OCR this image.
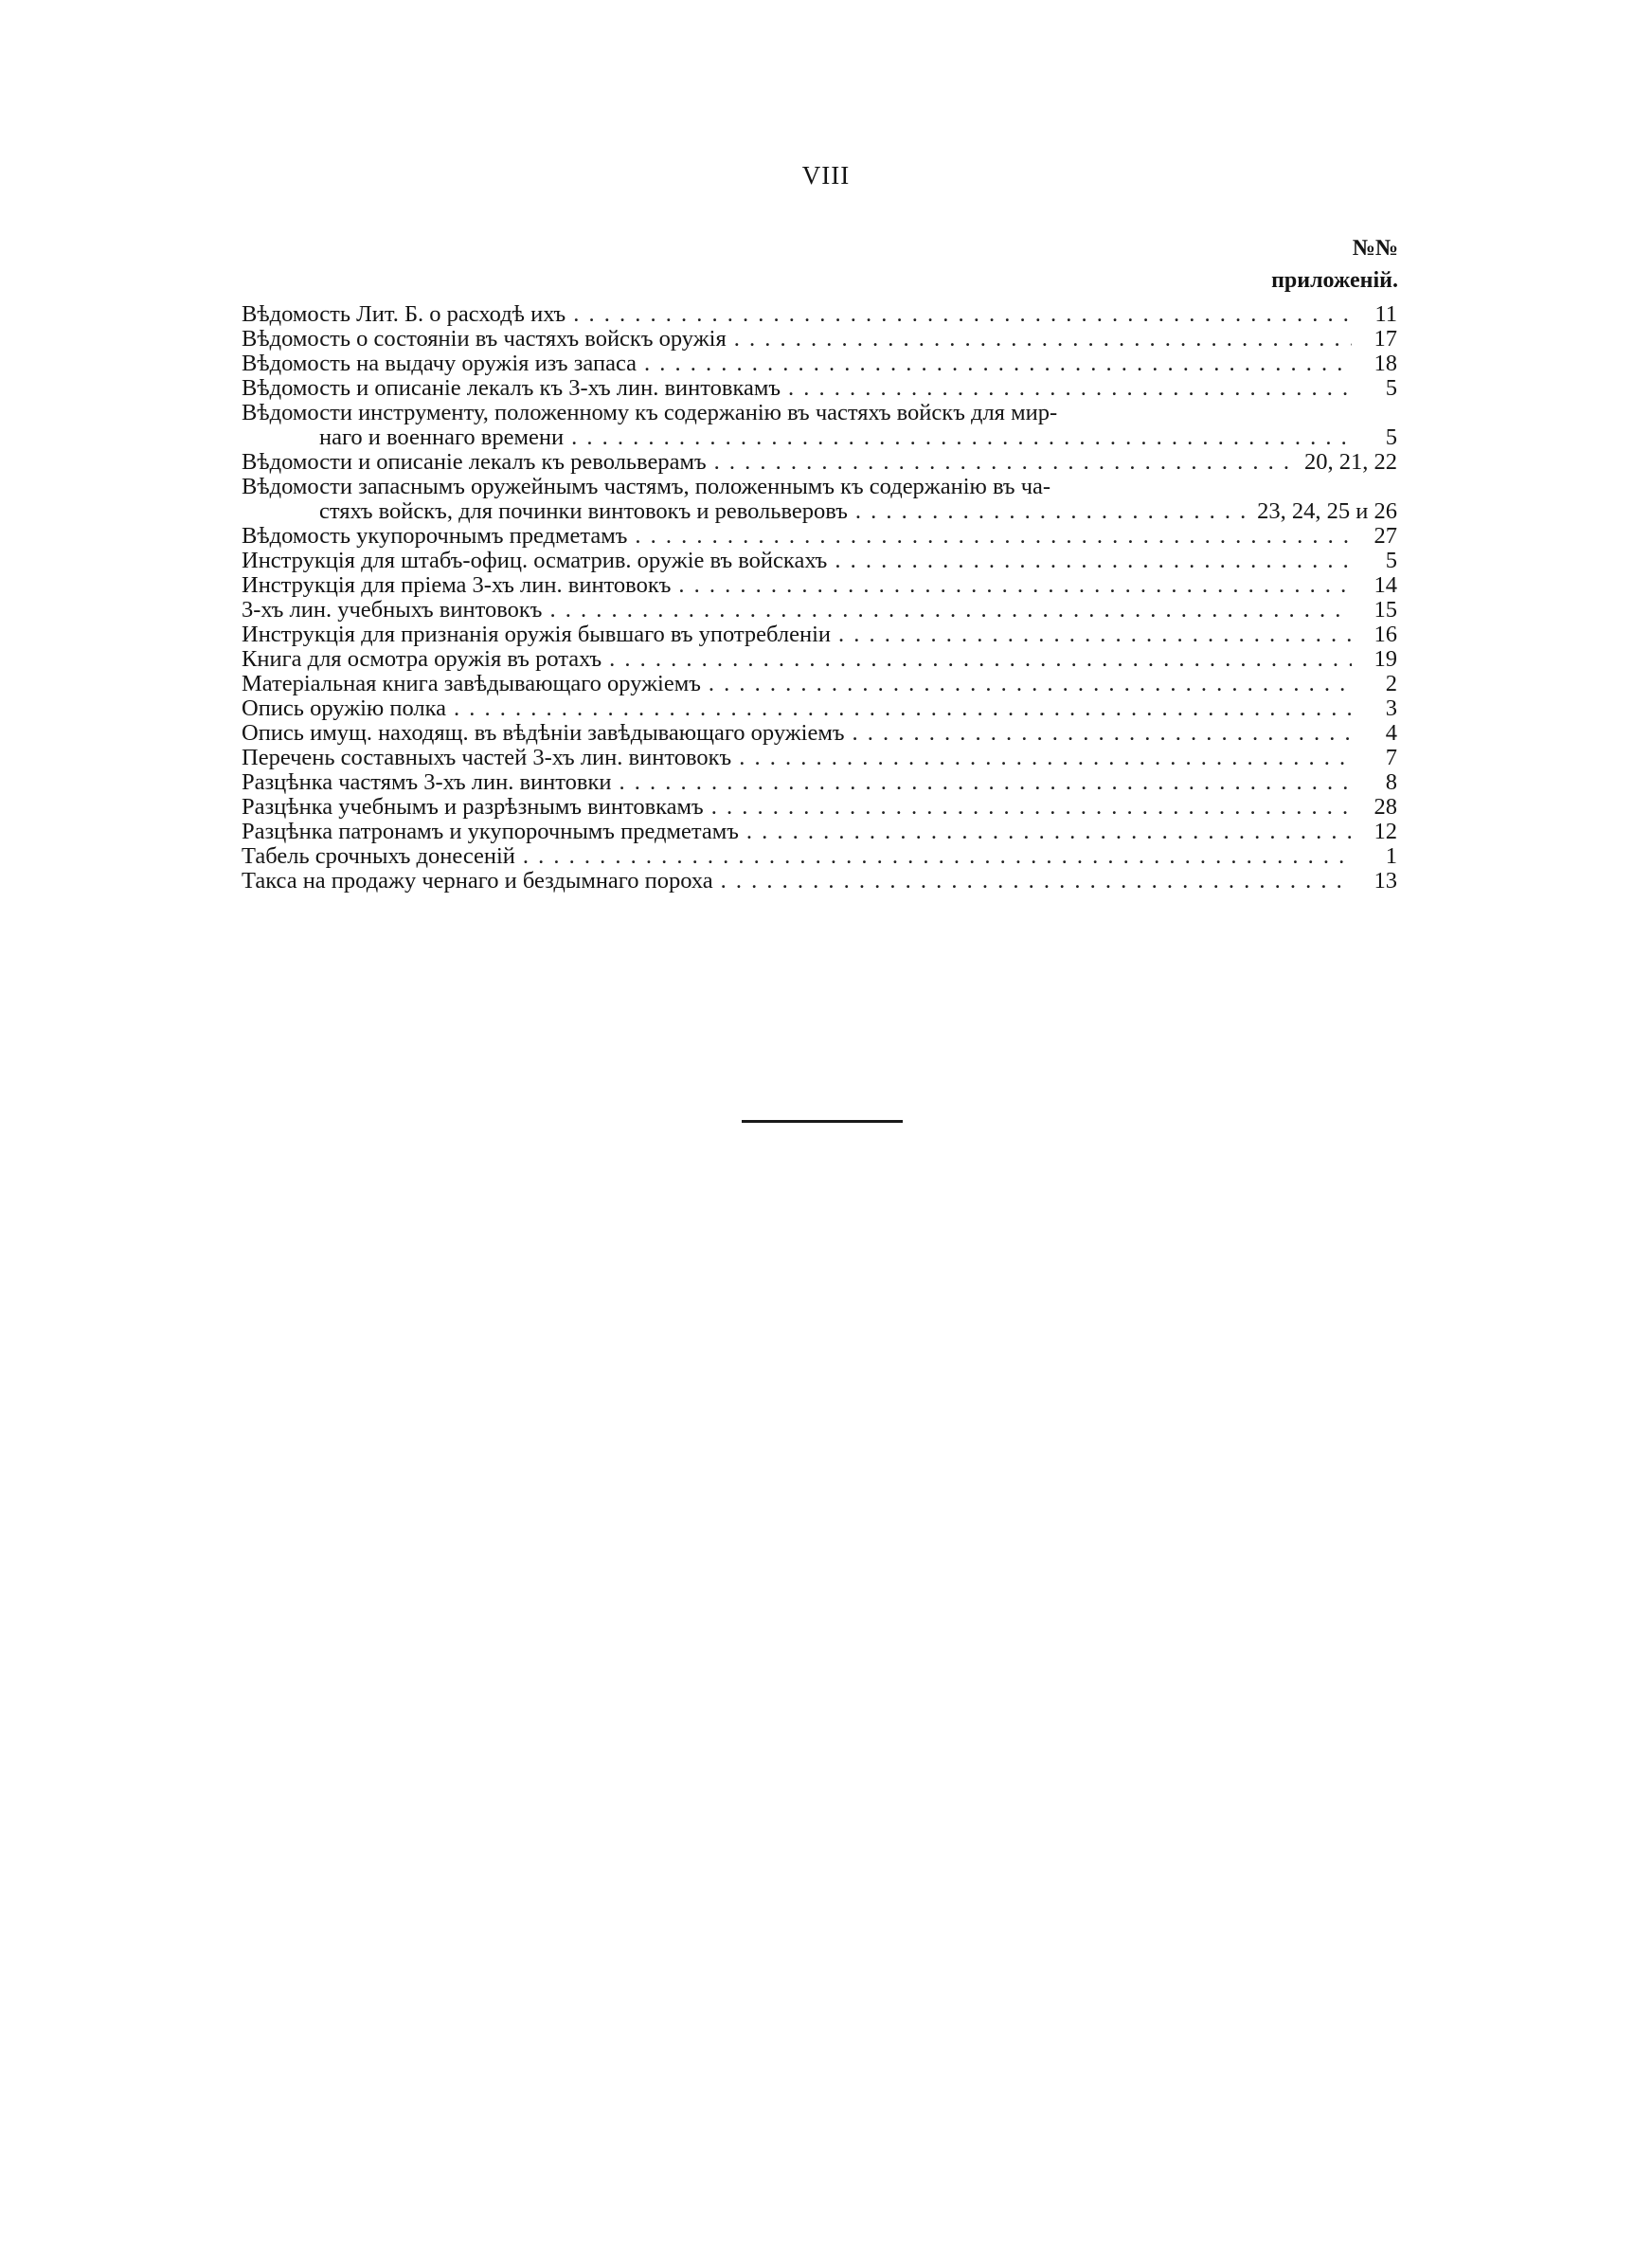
VIII
№№
приложеній.
Вѣдомость Лит. Б. о расходѣ ихъ . . .	11
Вѣдомость о состояніи въ частяхъ войскъ оружія . . .	17
Вѣдомость на выдачу оружія изъ запаса . . .	18
Вѣдомость и описаніе лекалъ къ 3-хъ лин. винтовкамъ . . .	5
Вѣдомости инструменту, положенному къ содержанію въ частяхъ войскъ для мир-
наго и военнаго времени . . .	5
Вѣдомости и описаніе лекалъ къ револьверамъ . . .	20, 21, 22
Вѣдомости запаснымъ оружейнымъ частямъ, положеннымъ къ содержанію въ ча-
стяхъ войскъ, для починки винтовокъ и револьверовъ . . .	23, 24, 25 и 26
Вѣдомость укупорочнымъ предметамъ . . .	27
Инструкція для штабъ-офиц. осматрив. оружіе въ войскахъ . . .	5
Инструкція для пріема 3-хъ лин. винтовокъ . . .	14
3-хъ лин. учебныхъ винтовокъ . . .	15
Инструкція для признанія оружія бывшаго въ употребленіи . . .	16
Книга для осмотра оружія въ ротахъ . . .	19
Матеріальная книга завѣдывающаго оружіемъ . . .	2
Опись оружію полка . . .	3
Опись имущ. находящ. въ вѣдѣніи завѣдывающаго оружіемъ . . .	4
Перечень составныхъ частей 3-хъ лин. винтовокъ . . .	7
Разцѣнка частямъ 3-хъ лин. винтовки . . .	8
Разцѣнка учебнымъ и разрѣзнымъ винтовкамъ . . .	28
Разцѣнка патронамъ и укупорочнымъ предметамъ . . .	12
Табель срочныхъ донесеній . . .	1
Такса на продажу чернаго и бездымнаго пороха . . .	13
